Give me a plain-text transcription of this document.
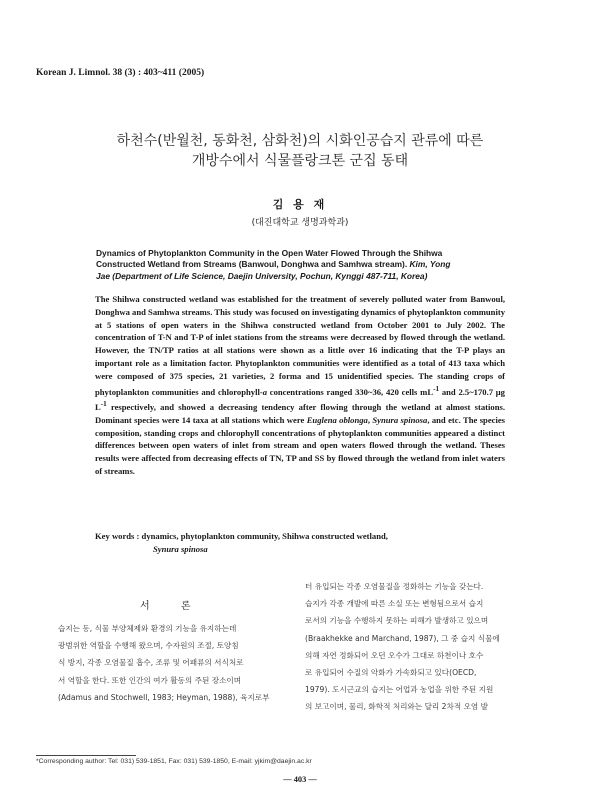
Korean J. Limnol. 38 (3) : 403~411 (2005)
하천수(반월천, 동화천, 삼화천)의 시화인공습지 관류에 따른
개방수에서 식물플랑크톤 군집 동태
김 용 재
(대진대학교 생명과학과)
Dynamics of Phytoplankton Community in the Open Water Flowed Through the Shihwa
Constructed Wetland from Streams (Banwoul, Donghwa and Samhwa stream). Kim, Yong
Jae (Department of Life Science, Daejin University, Pochun, Kynggi 487-711, Korea)
The Shihwa constructed wetland was established for the treatment of severely polluted water from Banwoul, Donghwa and Samhwa streams. This study was focused on investigating dynamics of phytoplankton community at 5 stations of open waters in the Shihwa constructed wetland from October 2001 to July 2002. The concentration of T-N and T-P of inlet stations from the streams were decreased by flowed through the wetland. However, the TN/TP ratios at all stations were shown as a little over 16 indicating that the T-P plays an important role as a limitation factor. Phytoplankton communities were identified as a total of 413 taxa which were composed of 375 species, 21 varieties, 2 forma and 15 unidentified species. The standing crops of phytoplankton communities and chlorophyll-a concentrations ranged 330~36, 420 cells $mL^{-1}$ and 2.5~170.7 μg $L^{-1}$ respectively, and showed a decreasing tendency after flowing through the wetland at almost stations. Dominant species were 14 taxa at all stations which were Euglena oblonga, Synura spinosa, and etc. The species composition, standing crops and chlorophyll concentrations of phytoplankton communities appeared a distinct differences between open waters of inlet from stream and open waters flowed through the wetland. Theses results were affected from decreasing effects of TN, TP and SS by flowed through the wetland from inlet waters of streams.
Key words : dynamics, phytoplankton community, Shihwa constructed wetland,
Synura spinosa
서 론
습지는 동, 식물 부양체제와 환경의 기능을 유지하는데
광범위한 역할을 수행해 왔으며, 수자원의 조절, 토양침
식 방지, 각종 오염물질 흡수, 조류 및 어패류의 서식처로
서 역할을 한다. 또한 인간의 여가 활동의 주된 장소이며
(Adamus and Stochwell, 1983; Heyman, 1988), 육지로부
터 유입되는 각종 오염물질을 정화하는 기능을 갖는다.
습지가 각종 개발에 따른 소실 또는 변형됨으로서 습지
로서의 기능을 수행하지 못하는 피해가 발생하고 있으며
(Braakhekke and Marchand, 1987), 그 중 습지 식물에
의해 자연 정화되어 오던 오수가 그대로 하천이나 호수
로 유입되어 수질의 악화가 가속화되고 있다(OECD,
1979). 도시근교의 습지는 어업과 농업을 위한 주된 지원
의 보고이며, 물리, 화학적 처리와는 달리 2차적 오염 발
*Corresponding author: Tel: 031) 539-1851, Fax: 031) 539-1850, E-mail: yjkim@daejin.ac.kr
— 403 —
